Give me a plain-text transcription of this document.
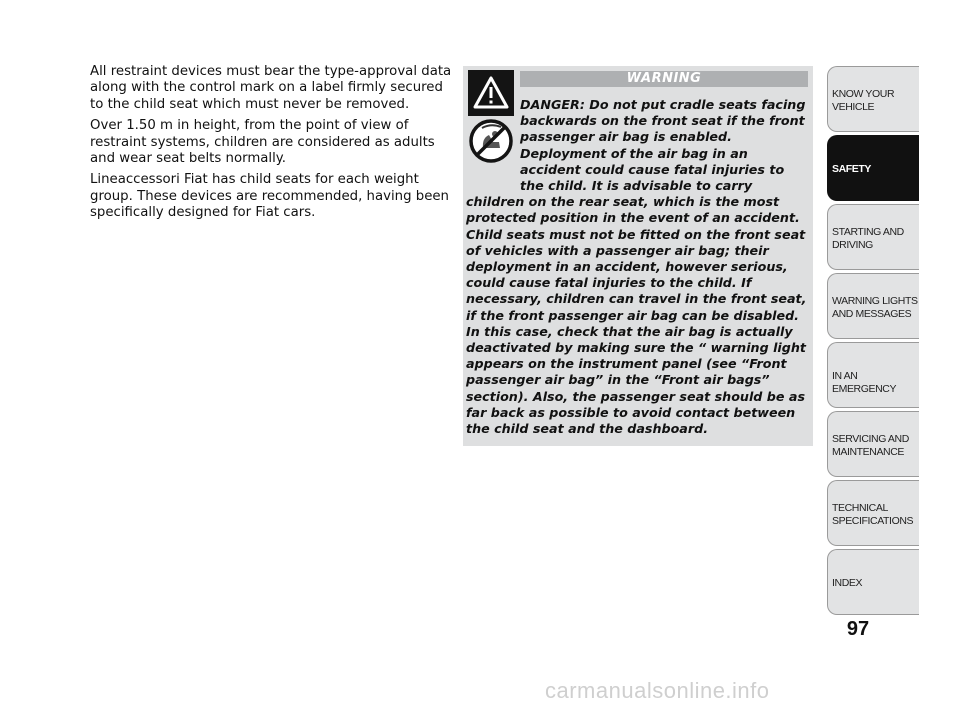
All restraint devices must bear the type-approval data along with the control mark on a label firmly secured to the child seat which must never be removed.

Over 1.50 m in height, from the point of view of restraint systems, children are considered as adults and wear seat belts normally.

Lineaccessori Fiat has child seats for each weight group. These devices are recommended, having been specifically designed for Fiat cars.

WARNING
DANGER: Do not put cradle seats facing backwards on the front seat if the front passenger air bag is enabled. Deployment of the air bag in an accident could cause fatal injuries to the child. It is advisable to carry children on the rear seat, which is the most protected position in the event of an accident. Child seats must not be fitted on the front seat of vehicles with a passenger air bag; their deployment in an accident, however serious, could cause fatal injuries to the child. If necessary, children can travel in the front seat, if the front passenger air bag can be disabled. In this case, check that the air bag is actually deactivated by making sure the “ warning light appears on the instrument panel (see “Front passenger air bag” in the “Front air bags” section). Also, the passenger seat should be as far back as possible to avoid contact between the child seat and the dashboard.
KNOW YOUR
VEHICLE
SAFETY
STARTING AND
DRIVING
WARNING LIGHTS
AND MESSAGES
IN AN EMERGENCY
SERVICING AND
MAINTENANCE
TECHNICAL
SPECIFICATIONS
INDEX
97
carmanualsonline.info
